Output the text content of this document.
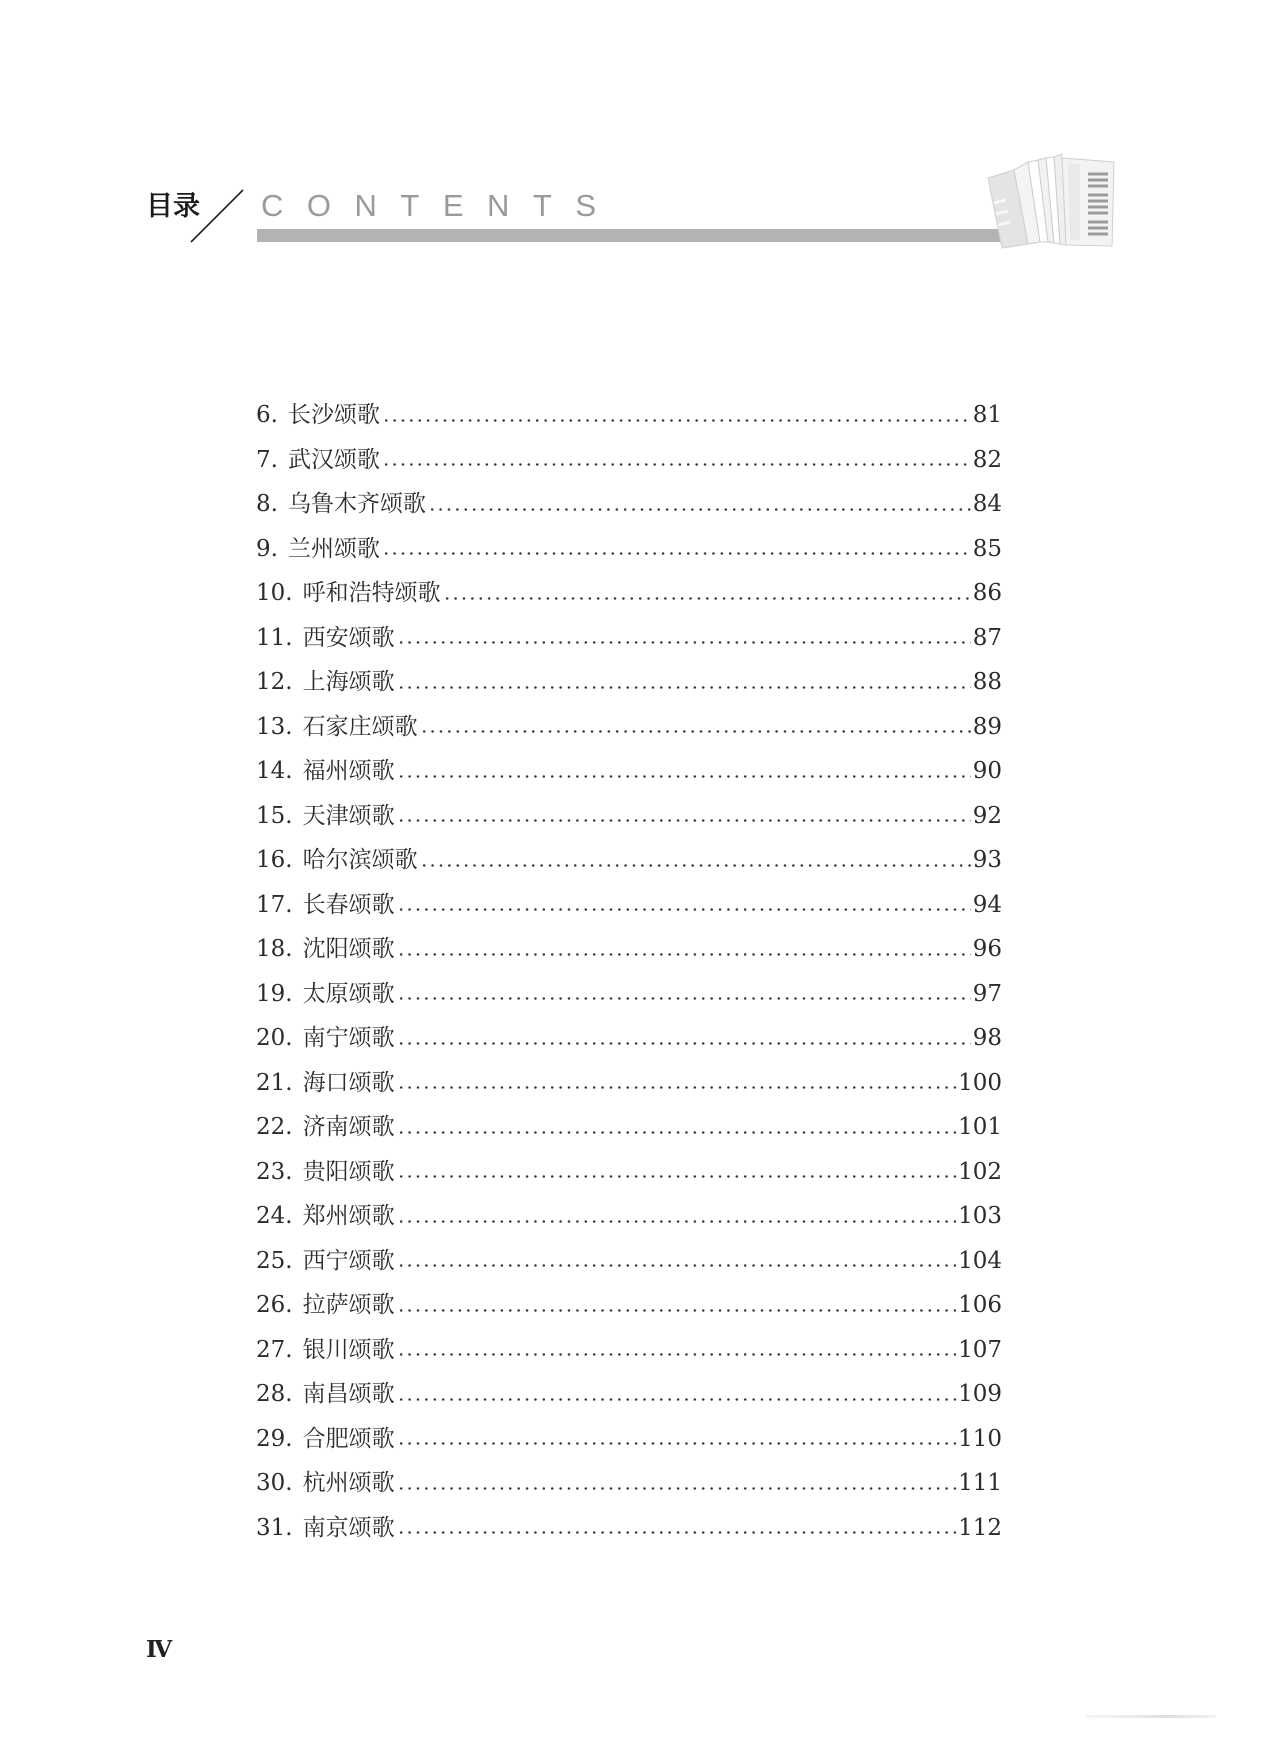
目录 CONTENTS
6. 长沙颂歌	81
7. 武汉颂歌	82
8. 乌鲁木齐颂歌	84
9. 兰州颂歌	85
10. 呼和浩特颂歌	86
11. 西安颂歌	87
12. 上海颂歌	88
13. 石家庄颂歌	89
14. 福州颂歌	90
15. 天津颂歌	92
16. 哈尔滨颂歌	93
17. 长春颂歌	94
18. 沈阳颂歌	96
19. 太原颂歌	97
20. 南宁颂歌	98
21. 海口颂歌	100
22. 济南颂歌	101
23. 贵阳颂歌	102
24. 郑州颂歌	103
25. 西宁颂歌	104
26. 拉萨颂歌	106
27. 银川颂歌	107
28. 南昌颂歌	109
29. 合肥颂歌	110
30. 杭州颂歌	111
31. 南京颂歌	112
Ⅳ
